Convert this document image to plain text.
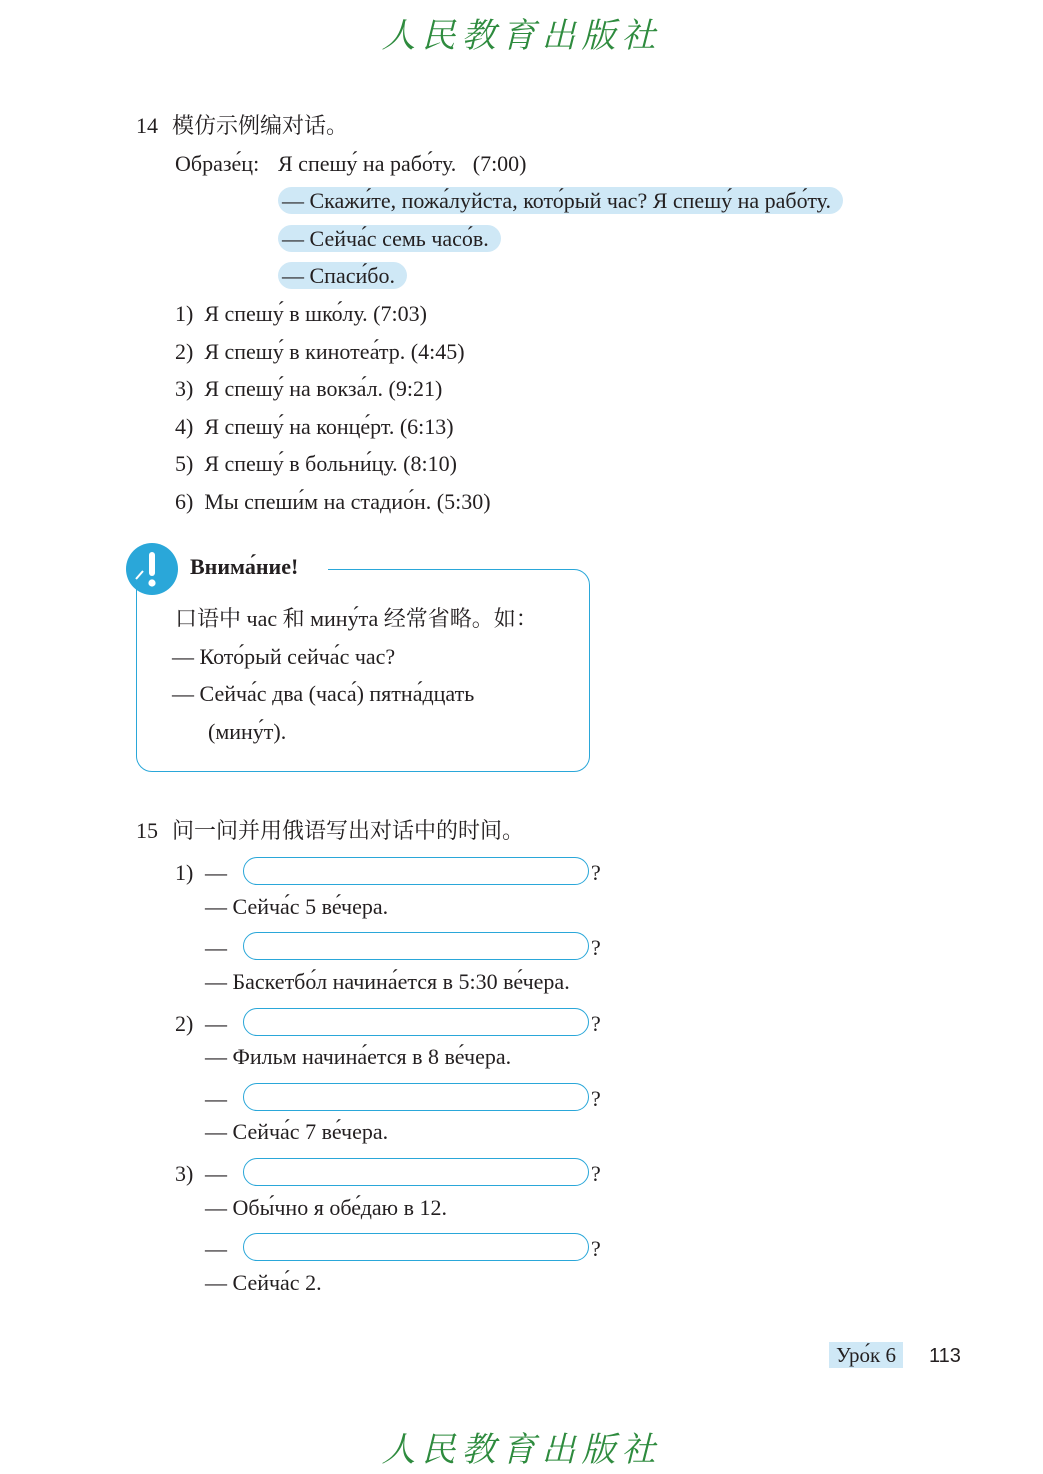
人民教育出版社
14 模仿示例编对话。
Образе́ц: Я спешу́ на рабо́ту.   (7:00)
— Скажи́те, пожа́луйста, кото́рый час? Я спешу́ на рабо́ту.
— Сейча́с семь часо́в.
— Спаси́бо.
1)  Я спешу́ в шко́лу. (7:03)
2)  Я спешу́ в кинотеа́тр. (4:45)
3)  Я спешу́ на вокза́л. (9:21)
4)  Я спешу́ на конце́рт. (6:13)
5)  Я спешу́ в больни́цу. (8:10)
6)  Мы спеши́м на стадио́н. (5:30)
Внима́ние!
口语中 час 和 мину́та 经常省略。如：
— Кото́рый сейча́с час?
— Сейча́с два (часа́) пятна́дцать
(мину́т).
15 问一问并用俄语写出对话中的时间。
1) —	?
— Сейча́с 5 ве́чера.
—	?
— Баскетбо́л начина́ется в 5:30 ве́чера.
2) —	?
— Фильм начина́ется в 8 ве́чера.
—	?
— Сейча́с 7 ве́чера.
3) —	?
— Обы́чно я обе́даю в 12.
—	?
— Сейча́с 2.
Уро́к 6	113
人民教育出版社
